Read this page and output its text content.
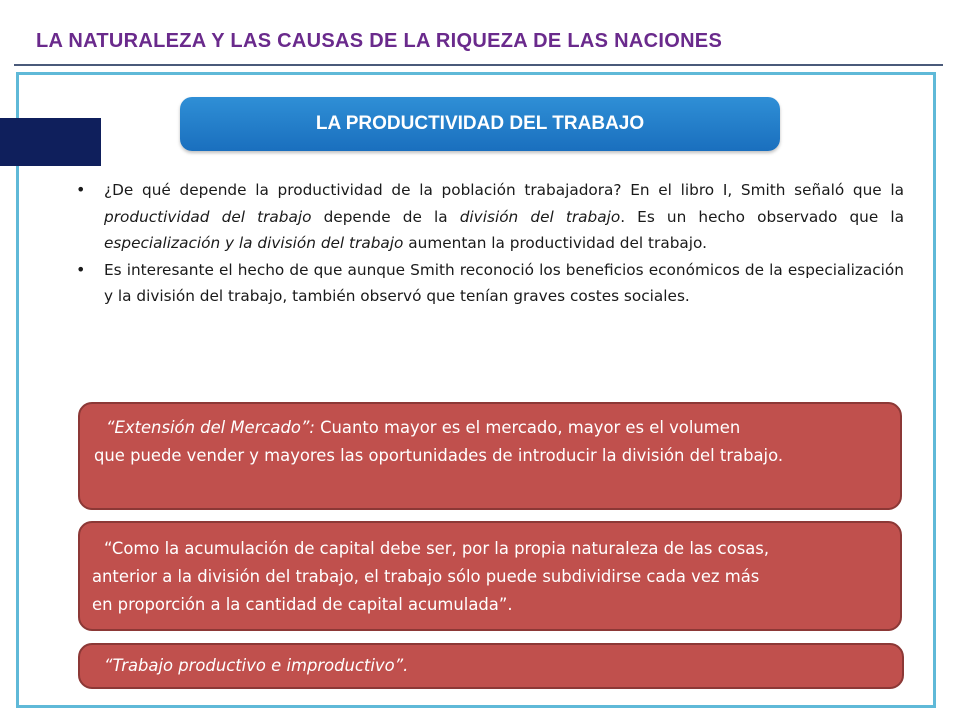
LA NATURALEZA Y LAS CAUSAS DE LA RIQUEZA DE LAS NACIONES
LA PRODUCTIVIDAD DEL TRABAJO
• ¿De qué depende la productividad de la población trabajadora? En el libro I, Smith señaló que la productividad del trabajo depende de la división del trabajo. Es un hecho observado que la especialización y la división del trabajo aumentan la productividad del trabajo.
• Es interesante el hecho de que aunque Smith reconoció los beneficios económicos de la especialización y la división del trabajo, también observó que tenían graves costes sociales.

“Extensión del Mercado”: Cuanto mayor es el mercado, mayor es el volumen

que puede vender y mayores las oportunidades de introducir la división del trabajo.

“Como la acumulación de capital debe ser, por la propia naturaleza de las cosas,

anterior a la división del trabajo, el trabajo sólo puede subdividirse cada vez más

en proporción a la cantidad de capital acumulada”.

“Trabajo productivo e improductivo”.
